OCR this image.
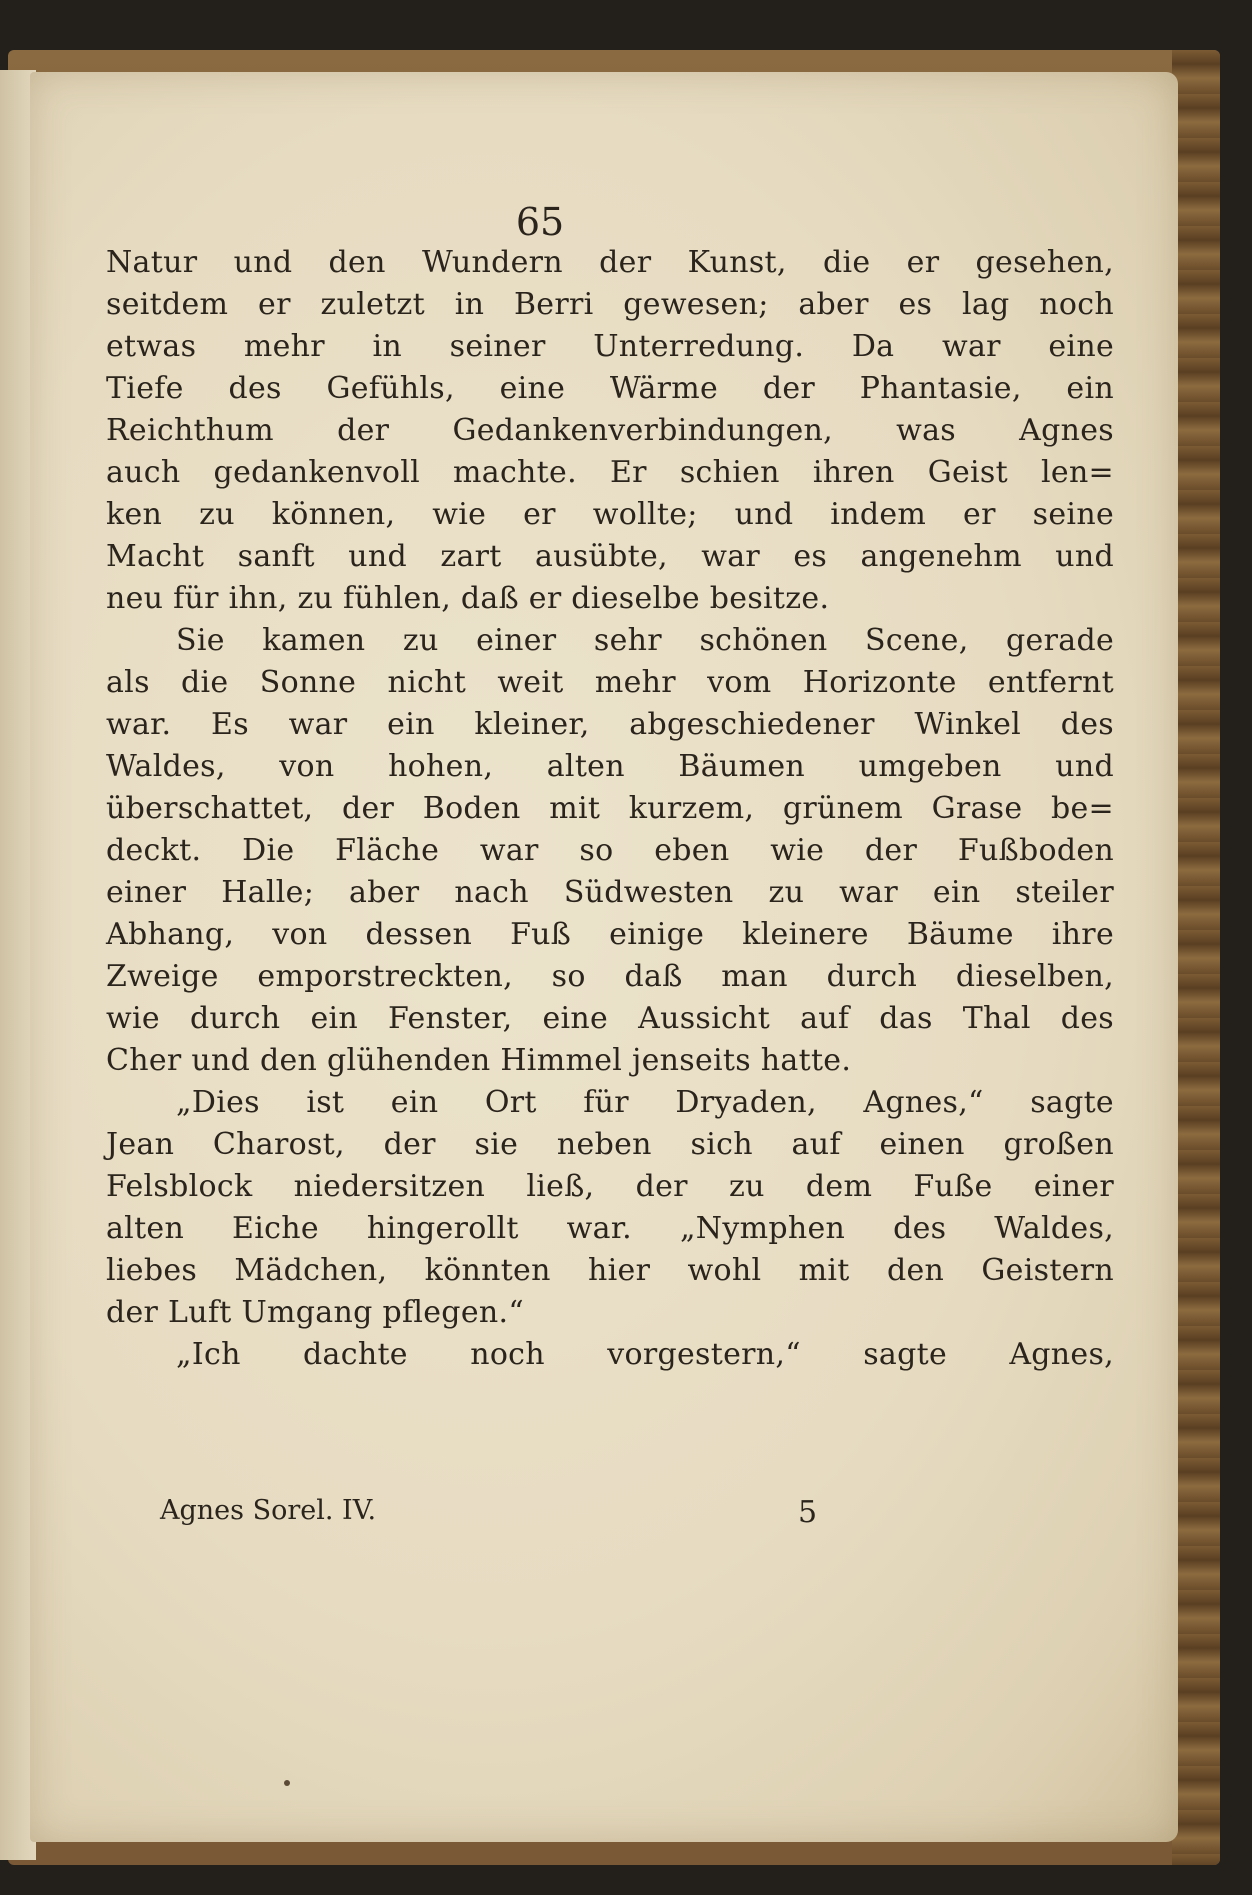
65
Natur und den Wundern der Kunst, die er gesehen,
seitdem er zuletzt in Berri gewesen; aber es lag noch
etwas mehr in seiner Unterredung. Da war eine
Tiefe des Gefühls, eine Wärme der Phantasie, ein
Reichthum der Gedankenverbindungen, was Agnes
auch gedankenvoll machte. Er schien ihren Geist len=
ken zu können, wie er wollte; und indem er seine
Macht sanft und zart ausübte, war es angenehm und
neu für ihn, zu fühlen, daß er dieselbe besitze.
Sie kamen zu einer sehr schönen Scene, gerade
als die Sonne nicht weit mehr vom Horizonte entfernt
war. Es war ein kleiner, abgeschiedener Winkel des
Waldes, von hohen, alten Bäumen umgeben und
überschattet, der Boden mit kurzem, grünem Grase be=
deckt. Die Fläche war so eben wie der Fußboden
einer Halle; aber nach Südwesten zu war ein steiler
Abhang, von dessen Fuß einige kleinere Bäume ihre
Zweige emporstreckten, so daß man durch dieselben,
wie durch ein Fenster, eine Aussicht auf das Thal des
Cher und den glühenden Himmel jenseits hatte.
„Dies ist ein Ort für Dryaden, Agnes,“ sagte
Jean Charost, der sie neben sich auf einen großen
Felsblock niedersitzen ließ, der zu dem Fuße einer
alten Eiche hingerollt war. „Nymphen des Waldes,
liebes Mädchen, könnten hier wohl mit den Geistern
der Luft Umgang pflegen.“
„Ich dachte noch vorgestern,“ sagte Agnes,
Agnes Sorel. IV.	5
